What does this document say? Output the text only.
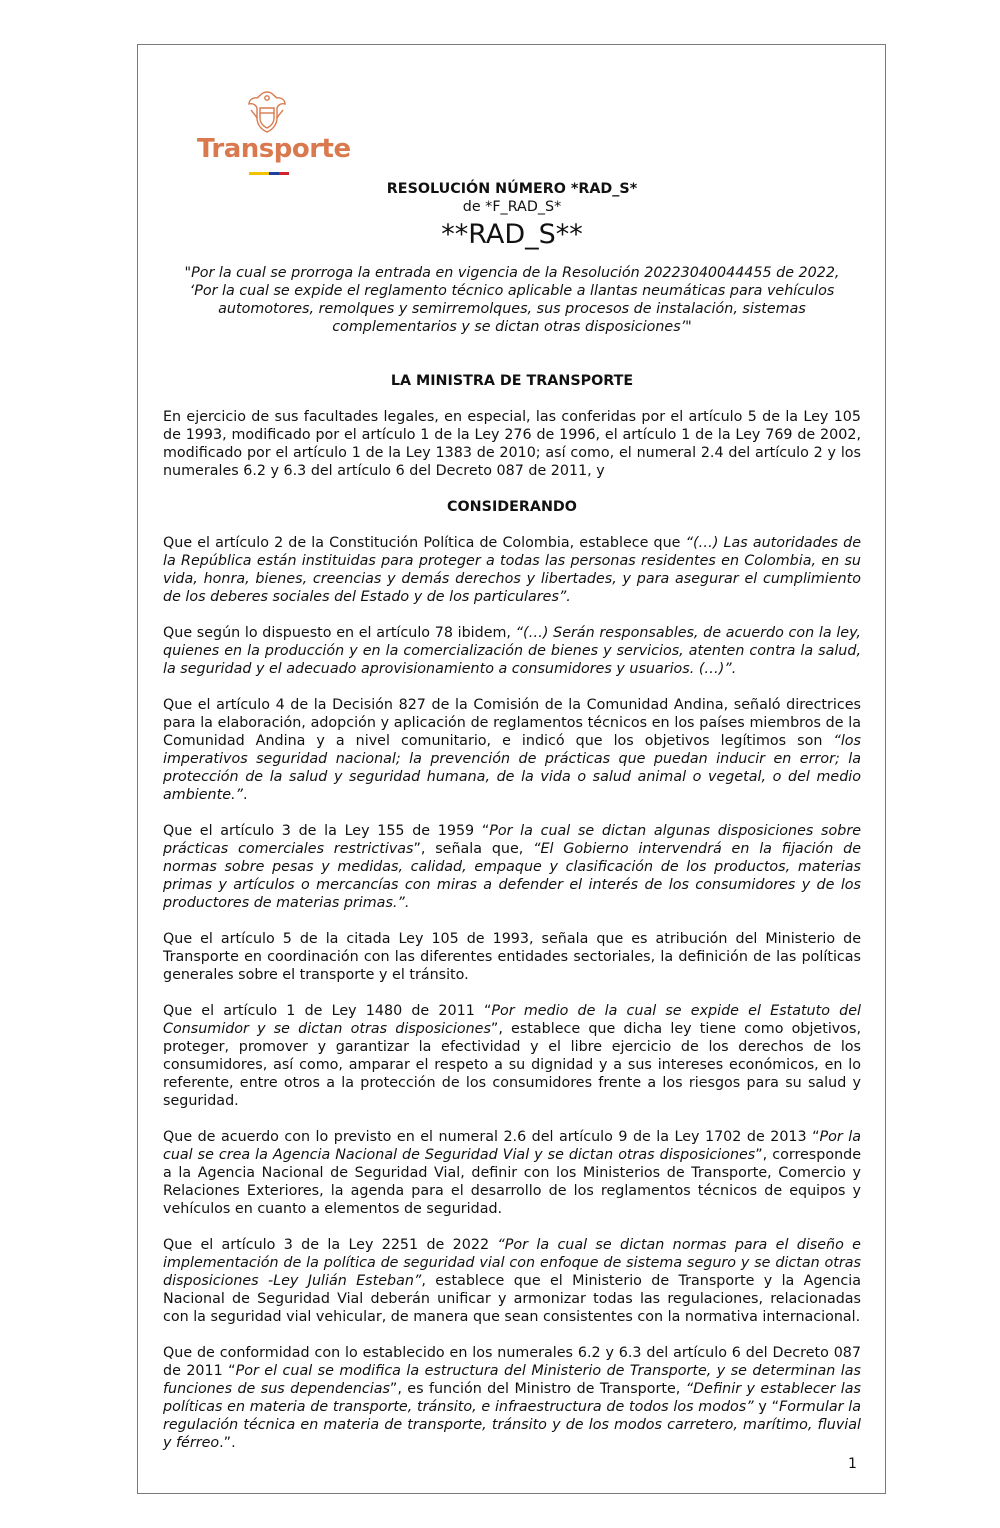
Transporte
RESOLUCIÓN NÚMERO *RAD_S*
de *F_RAD_S*
**RAD_S**
"Por la cual se prorroga la entrada en vigencia de la Resolución 20223040044455 de 2022, ‘Por la cual se expide el reglamento técnico aplicable a llantas neumáticas para vehículos automotores, remolques y semirremolques, sus procesos de instalación, sistemas complementarios y se dictan otras disposiciones’"
LA MINISTRA DE TRANSPORTE

En ejercicio de sus facultades legales, en especial, las conferidas por el artículo 5 de la Ley 105 de 1993, modificado por el artículo 1 de la Ley 276 de 1996, el artículo 1 de la Ley 769 de 2002, modificado por el artículo 1 de la Ley 1383 de 2010; así como, el numeral 2.4 del artículo 2 y los numerales 6.2 y 6.3 del artículo 6 del Decreto 087 de 2011, y

CONSIDERANDO

Que el artículo 2 de la Constitución Política de Colombia, establece que “(…) Las autoridades de la República están instituidas para proteger a todas las personas residentes en Colombia, en su vida, honra, bienes, creencias y demás derechos y libertades, y para asegurar el cumplimiento de los deberes sociales del Estado y de los particulares”.

Que según lo dispuesto en el artículo 78 ibidem, “(…) Serán responsables, de acuerdo con la ley, quienes en la producción y en la comercialización de bienes y servicios, atenten contra la salud, la seguridad y el adecuado aprovisionamiento a consumidores y usuarios. (…)”.

Que el artículo 4 de la Decisión 827 de la Comisión de la Comunidad Andina, señaló directrices para la elaboración, adopción y aplicación de reglamentos técnicos en los países miembros de la Comunidad Andina y a nivel comunitario, e indicó que los objetivos legítimos son “los imperativos seguridad nacional; la prevención de prácticas que puedan inducir en error; la protección de la salud y seguridad humana, de la vida o salud animal o vegetal, o del medio ambiente.”.

Que el artículo 3 de la Ley 155 de 1959 “Por la cual se dictan algunas disposiciones sobre prácticas comerciales restrictivas”, señala que, “El Gobierno intervendrá en la fijación de normas sobre pesas y medidas, calidad, empaque y clasificación de los productos, materias primas y artículos o mercancías con miras a defender el interés de los consumidores y de los productores de materias primas.”.

Que el artículo 5 de la citada Ley 105 de 1993, señala que es atribución del Ministerio de Transporte en coordinación con las diferentes entidades sectoriales, la definición de las políticas generales sobre el transporte y el tránsito.

Que el artículo 1 de Ley 1480 de 2011 “Por medio de la cual se expide el Estatuto del Consumidor y se dictan otras disposiciones”, establece que dicha ley tiene como objetivos, proteger, promover y garantizar la efectividad y el libre ejercicio de los derechos de los consumidores, así como, amparar el respeto a su dignidad y a sus intereses económicos, en lo referente, entre otros a la protección de los consumidores frente a los riesgos para su salud y seguridad.

Que de acuerdo con lo previsto en el numeral 2.6 del artículo 9 de la Ley 1702 de 2013 “Por la cual se crea la Agencia Nacional de Seguridad Vial y se dictan otras disposiciones”, corresponde a la Agencia Nacional de Seguridad Vial, definir con los Ministerios de Transporte, Comercio y Relaciones Exteriores, la agenda para el desarrollo de los reglamentos técnicos de equipos y vehículos en cuanto a elementos de seguridad.

Que el artículo 3 de la Ley 2251 de 2022 “Por la cual se dictan normas para el diseño e implementación de la política de seguridad vial con enfoque de sistema seguro y se dictan otras disposiciones -Ley Julián Esteban”, establece que el Ministerio de Transporte y la Agencia Nacional de Seguridad Vial deberán unificar y armonizar todas las regulaciones, relacionadas con la seguridad vial vehicular, de manera que sean consistentes con la normativa internacional.

Que de conformidad con lo establecido en los numerales 6.2 y 6.3 del artículo 6 del Decreto 087 de 2011 “Por el cual se modifica la estructura del Ministerio de Transporte, y se determinan las funciones de sus dependencias”, es función del Ministro de Transporte, “Definir y establecer las políticas en materia de transporte, tránsito, e infraestructura de todos los modos” y “Formular la regulación técnica en materia de transporte, tránsito y de los modos carretero, marítimo, fluvial y férreo.”.

1
